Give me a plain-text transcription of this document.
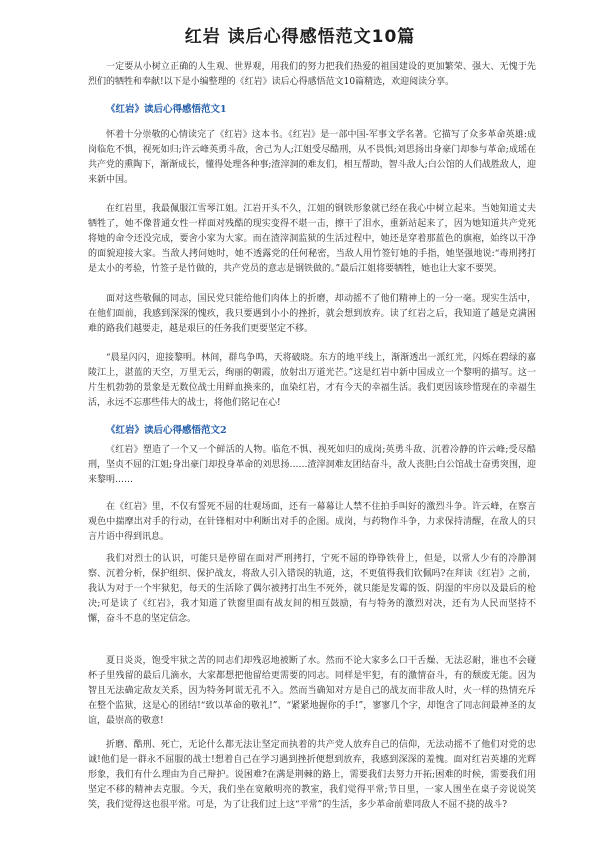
红岩 读后心得感悟范文10篇

一定要从小树立正确的人生观、世界观，用我们的努力把我们热爱的祖国建设的更加繁荣、强大、无愧于先烈们的牺牲和奉献!以下是小编整理的《红岩》读后心得感悟范文10篇精选，欢迎阅读分享。

《红岩》读后心得感悟范文1

怀着十分崇敬的心情读完了《红岩》这本书。《红岩》是一部中国-军事文学名著。它描写了众多革命英雄:成岗临危不惧，视死如归;许云峰英勇斗敌，舍己为人;江姐受尽酷刑，从不畏惧;刘思扬出身豪门却参与革命;成瑶在共产党的熏陶下，渐渐成长，懂得处理各种事;渣滓洞的难友们，相互帮助，智斗敌人;白公馆的人们战胜敌人，迎来新中国。

在红岩里，我最佩服江雪琴江姐。江岩开头不久，江姐的钢铁形象就已经在我心中树立起来。当她知道丈夫牺牲了，她不像普通女性一样面对残酷的现实变得不堪一击，擦干了泪水，重新站起来了，因为她知道共产党死将她的命令还没完成，要舍小家为大家。而在渣滓洞监狱的生活过程中，她还是穿着那蓝色的旗袍，始终以干净的面貌迎接大家。当敌人拷问她时，她不透露党的任何秘密，当敌人用竹签钉她的手指，她坚强地说:“毒刑拷打是太小的考验，竹签子是竹做的，共产党员的意志是钢铁做的。”最后江姐将要牺牲，她也让大家不要哭。

面对这些敬佩的同志，国民党只能给他们肉体上的折磨，却动摇不了他们精神上的一分一毫。现实生活中，在他们面前，我感到深深的愧疚，我只要遇到小小的挫折，就会想到放弃。读了红岩之后，我知道了越是克满困难的路我们越要走，越是艰巨的任务我们更要坚定不移。

“晨星闪闪，迎接黎明。林间，群鸟争鸣，天将破晓。东方的地平线上，渐渐透出一派红光，闪烁在碧绿的嘉陵江上，湛蓝的天空，万里无云，绚丽的朝霞，放射出万道光芒。”这是红岩中新中国成立一个黎明的描写。这一片生机勃勃的景象是无数位战士用鲜血换来的，血染红岩，才有今天的幸福生活。我们更因该珍惜现在的幸福生活，永远不忘那些伟大的战士，将他们铭记在心!

《红岩》读后心得感悟范文2

《红岩》塑造了一个又一个鲜活的人物。临危不惧、视死如归的成岗;英勇斗敌、沉着冷静的许云峰;受尽酷刑，坚贞不屈的江姐;身出豪门却投身革命的刘思扬……渣滓洞难友团结奋斗，敌人丧胆;白公馆战士奋勇突围，迎来黎明……

在《红岩》里，不仅有誓死不屈的壮观场面，还有一幕幕让人禁不住拍手叫好的激烈斗争。许云峰，在察言观色中揣摩出对手的行动，在针锋相对中利断出对手的企图。成岗，与药物作斗争，力求保持清醒，在敌人的只言片语中得到讯息。

我们对烈士的认识，可能只是停留在面对严刑拷打，宁死不屈的铮铮铁骨上，但是，以常人少有的冷静洞察、沉着分析，保护组织、保护战友，将敌人引入错误的轨道，这，不更值得我们钦佩吗?在拜读《红岩》之前，我认为对于一个牢狱犯，每天的生活除了偶尔被拷打出生不死外，就只能是发霉的饭、阴湿的牢房以及最后的枪决;可是读了《红岩》，我才知道了铁窗里面有战友间的相互鼓励，有与特务的激烈对决，还有为人民而坚持不懈，奋斗不息的坚定信念。

夏日炎炎，饱受牢狱之苦的同志们却残忍地被断了水。然而不论大家多么口干舌燥、无法忍耐，谁也不会碰杯子里残留的最后几滴水，大家都想把他留给更需要的同志。同样是牢犯，有的激情奋斗，有的颓废无能。因为智且无法确定敌友关系，因为特务阿谎无孔不入。然而当确知对方是自己的战友而非敌人时，火一样的热情充斥在整个监狱，这是心的团结!“致以革命的敬礼!”、“紧紧地握你的手!”，寥寥几个字，却饱含了同志间最神圣的友谊，最崇高的敬意!

折磨、酷刑、死亡，无论什么都无法让坚定而执着的共产党人放弃自己的信仰，无法动摇不了他们对党的忠诚!他们是一群永不屈服的战士!想着自己在学习遇到挫折便想到放弃，我感到深深的羞愧。面对红岩英雄的光辉形象，我们有什么理由为自己辩护。说困难?在满是荆棘的路上，需要我们去努力开拓;困难的时候，需要我们用坚定不移的精神去克服。今天，我们坐在宽敞明亮的教室，我们觉得平常;节日里，一家人围坐在桌子旁说说笑笑，我们觉得这也很平常。可是，为了让我们过上这“平常”的生活，多少革命前辈同敌人不屈不挠的战斗?
